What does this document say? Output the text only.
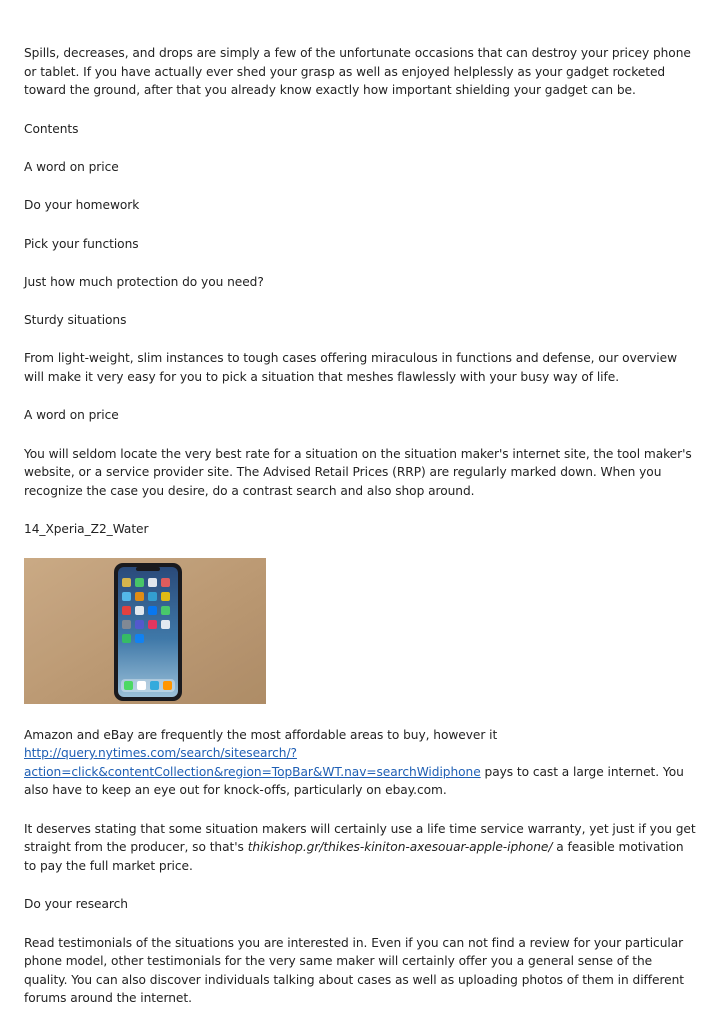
Spills, decreases, and drops are simply a few of the unfortunate occasions that can destroy your pricey phone or tablet. If you have actually ever shed your grasp as well as enjoyed helplessly as your gadget rocketed toward the ground, after that you already know exactly how important shielding your gadget can be.

Contents

A word on price

Do your homework

Pick your functions

Just how much protection do you need?

Sturdy situations

From light-weight, slim instances to tough cases offering miraculous in functions and defense, our overview will make it very easy for you to pick a situation that meshes flawlessly with your busy way of life.

A word on price

You will seldom locate the very best rate for a situation on the situation maker's internet site, the tool maker's website, or a service provider site. The Advised Retail Prices (RRP) are regularly marked down. When you recognize the case you desire, do a contrast search and also shop around.

14_Xperia_Z2_Water

Amazon and eBay are frequently the most affordable areas to buy, however it http://query.nytimes.com/search/sitesearch/?action=click&contentCollection&region=TopBar&WT.nav=searchWidiphone pays to cast a large internet. You also have to keep an eye out for knock-offs, particularly on ebay.com.

It deserves stating that some situation makers will certainly use a life time service warranty, yet just if you get straight from the producer, so that's thikishop.gr/thikes-kiniton-axesouar-apple-iphone/ a feasible motivation to pay the full market price.

Do your research

Read testimonials of the situations you are interested in. Even if you can not find a review for your particular phone model, other testimonials for the very same maker will certainly offer you a general sense of the quality. You can also discover individuals talking about cases as well as uploading photos of them in different forums around the internet.
